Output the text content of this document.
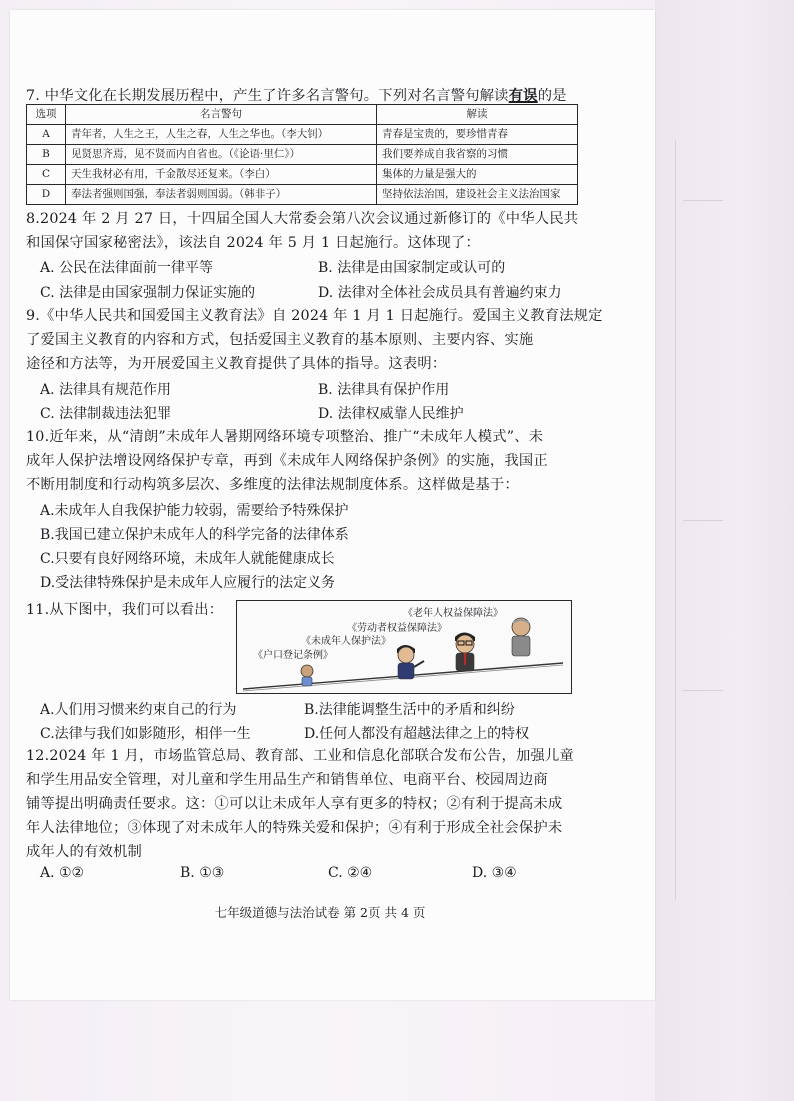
7. 中华文化在长期发展历程中，产生了许多名言警句。下列对名言警句解读有误的是
选项	名言警句	解读
A	青年者，人生之王，人生之春，人生之华也。（李大钊）	青春是宝贵的，要珍惜青春
B	见贤思齐焉，见不贤而内自省也。（《论语·里仁》）	我们要养成自我省察的习惯
C	天生我材必有用，千金散尽还复来。（李白）	集体的力量是强大的
D	奉法者强则国强，奉法者弱则国弱。（韩非子）	坚持依法治国，建设社会主义法治国家
8.2024 年 2 月 27 日，十四届全国人大常委会第八次会议通过新修订的《中华人民共
和国保守国家秘密法》，该法自 2024 年 5 月 1 日起施行。这体现了：
A. 公民在法律面前一律平等	B. 法律是由国家制定或认可的
C. 法律是由国家强制力保证实施的	D. 法律对全体社会成员具有普遍约束力
9.《中华人民共和国爱国主义教育法》自 2024 年 1 月 1 日起施行。爱国主义教育法规定
了爱国主义教育的内容和方式，包括爱国主义教育的基本原则、主要内容、实施
途径和方法等，为开展爱国主义教育提供了具体的指导。这表明：
A. 法律具有规范作用	B. 法律具有保护作用
C. 法律制裁违法犯罪	D. 法律权威靠人民维护
10.近年来，从“清朗”未成年人暑期网络环境专项整治、推广“未成年人模式”、未
成年人保护法增设网络保护专章，再到《未成年人网络保护条例》的实施，我国正
不断用制度和行动构筑多层次、多维度的法律法规制度体系。这样做是基于：
A.未成年人自我保护能力较弱，需要给予特殊保护
B.我国已建立保护未成年人的科学完备的法律体系
C.只要有良好网络环境，未成年人就能健康成长
D.受法律特殊保护是未成年人应履行的法定义务
11.从下图中，我们可以看出：	《老年人权益保障法》
《劳动者权益保障法》
《未成年人保护法》
《户口登记条例》
A.人们用习惯来约束自己的行为	B.法律能调整生活中的矛盾和纠纷
C.法律与我们如影随形，相伴一生	D.任何人都没有超越法律之上的特权
12.2024 年 1 月，市场监管总局、教育部、工业和信息化部联合发布公告，加强儿童
和学生用品安全管理，对儿童和学生用品生产和销售单位、电商平台、校园周边商
铺等提出明确责任要求。这：①可以让未成年人享有更多的特权；②有利于提高未成
年人法律地位；③体现了对未成年人的特殊关爱和保护；④有利于形成全社会保护未
成年人的有效机制
A. ①②	B. ①③	C. ②④	D. ③④
七年级道德与法治试卷 第 2页 共 4 页
